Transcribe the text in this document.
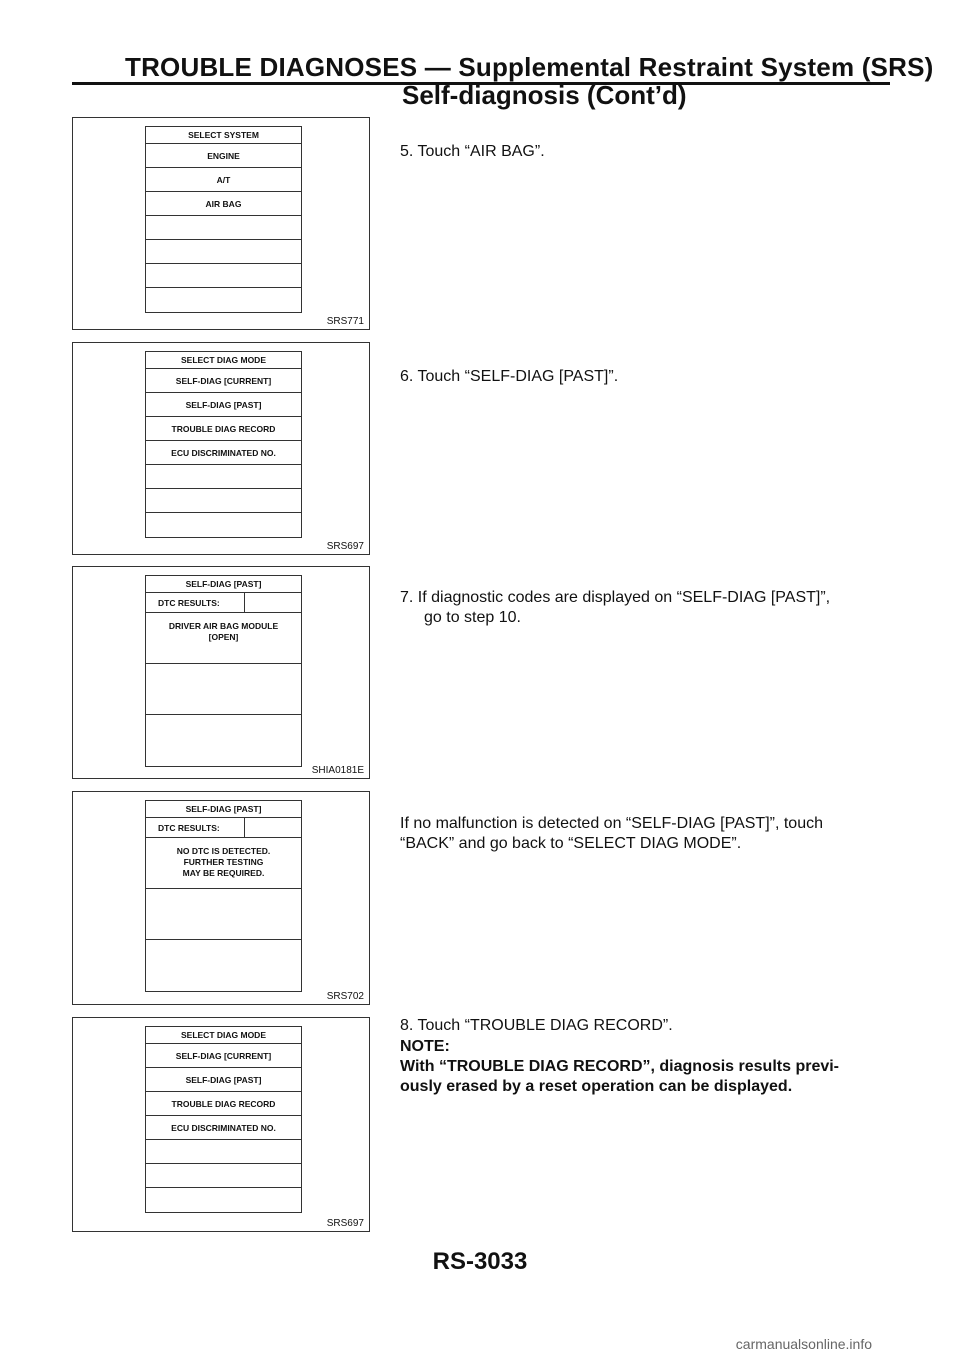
TROUBLE DIAGNOSES — Supplemental Restraint System (SRS)
Self-diagnosis (Cont’d)
SELECT SYSTEM
ENGINE
A/T
AIR BAG
SRS771
5. Touch “AIR BAG”.
SELECT DIAG MODE
SELF-DIAG [CURRENT]
SELF-DIAG [PAST]
TROUBLE DIAG RECORD
ECU DISCRIMINATED NO.
SRS697
6. Touch “SELF-DIAG [PAST]”.
SELF-DIAG [PAST]
DTC RESULTS:
DRIVER AIR BAG MODULE
[OPEN]
SHIA0181E
7. If diagnostic codes are displayed on “SELF-DIAG [PAST]”,
go to step 10.
SELF-DIAG [PAST]
DTC RESULTS:
NO DTC IS DETECTED.
FURTHER TESTING
MAY BE REQUIRED.
SRS702
If no malfunction is detected on “SELF-DIAG [PAST]”, touch
“BACK” and go back to “SELECT DIAG MODE”.
SELECT DIAG MODE
SELF-DIAG [CURRENT]
SELF-DIAG [PAST]
TROUBLE DIAG RECORD
ECU DISCRIMINATED NO.
SRS697
8. Touch “TROUBLE DIAG RECORD”.
NOTE:
With “TROUBLE DIAG RECORD”, diagnosis results previ-
ously erased by a reset operation can be displayed.
RS-3033
carmanualsonline.info
